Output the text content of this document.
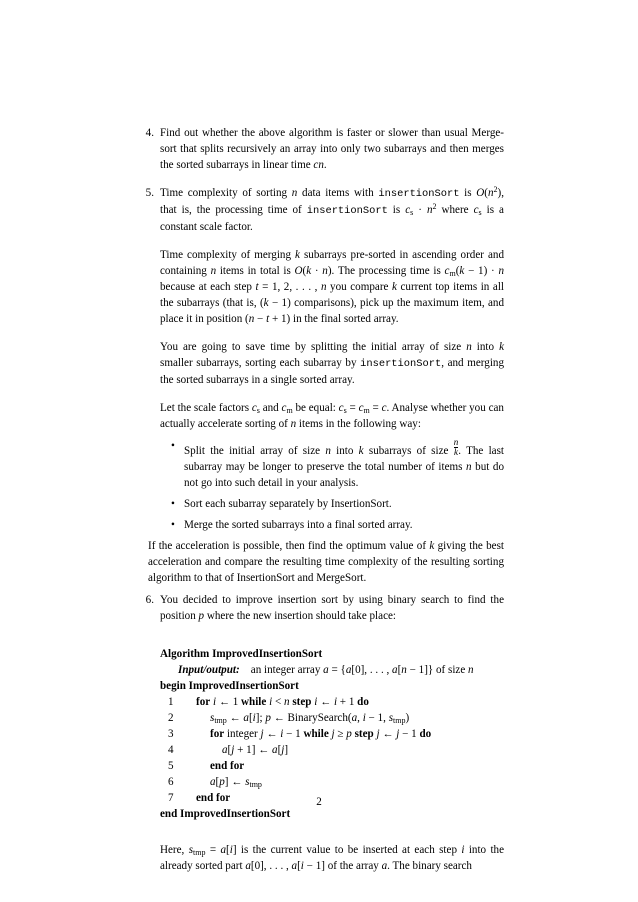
4. Find out whether the above algorithm is faster or slower than usual Merge-sort that splits recursively an array into only two subarrays and then merges the sorted subarrays in linear time cn.

5. Time complexity of sorting n data items with insertionSort is $O(n^2)$, that is, the processing time of insertionSort is $c_s \cdot n^2$ where $c_s$ is a constant scale factor.

Time complexity of merging k subarrays pre-sorted in ascending order and containing n items in total is O(k · n). The processing time is $c_m(k - 1) \cdot n$ because at each step t = 1, 2, . . . , n you compare k current top items in all the subarrays (that is, (k − 1) comparisons), pick up the maximum item, and place it in position (n − t + 1) in the final sorted array.

You are going to save time by splitting the initial array of size n into k smaller subarrays, sorting each subarray by insertionSort, and merging the sorted subarrays in a single sorted array.

Let the scale factors $c_s$ and $c_m$ be equal: $c_s = c_m = c$. Analyse whether you can actually accelerate sorting of n items in the following way:

• Split the initial array of size n into k subarrays of size $\frac{n}{k}$ . The last subarray may be longer to preserve the total number of items n but do not go into such detail in your analysis.

• Sort each subarray separately by InsertionSort.

• Merge the sorted subarrays into a final sorted array.

If the acceleration is possible, then find the optimum value of k giving the best acceleration and compare the resulting time complexity of the resulting sorting algorithm to that of InsertionSort and MergeSort.

6. You decided to improve insertion sort by using binary search to find the position p where the new insertion should take place:

Algorithm ImprovedInsertionSort
Input/output:    an integer array a = {a[0], . . . , a[n − 1]} of size n
begin ImprovedInsertionSort
1	for i ← 1 while i < n step i ← i + 1 do
2	$s_{tmp}$ ← a[i]; p ← BinarySearch(a, i − 1, $s_{tmp}$)
3	for integer j ← i − 1 while j ≥ p step j ← j − 1 do
4	a[j + 1] ← a[j]
5	end for
6	a[p] ← $s_{tmp}$
7	end for
end ImprovedInsertionSort

Here, $s_{tmp} = a[i]$ is the current value to be inserted at each step i into the already sorted part a[0], . . . , a[i − 1] of the array a. The binary search

2
